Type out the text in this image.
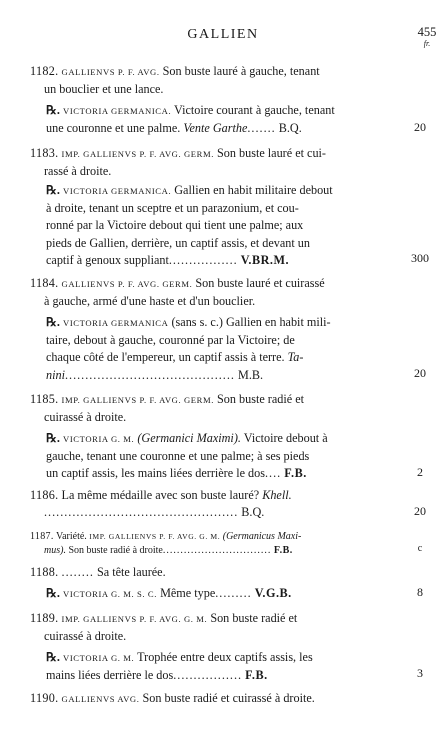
GALLIEN	455
fr.
1182. GALLIENVS P. F. AVG. Son buste lauré à gauche, tenant
un bouclier et une lance.
℞. VICTORIA GERMANICA. Victoire courant à gauche, tenant
une couronne et une palme. Vente Garthe....... B.Q.	20
1183. IMP. GALLIENVS P. F. AVG. GERM. Son buste lauré et cui-
rassé à droite.
℞. VICTORIA GERMANICA. Gallien en habit militaire debout
à droite, tenant un sceptre et un parazonium, et cou-
ronné par la Victoire debout qui tient une palme; aux
pieds de Gallien, derrière, un captif assis, et devant un
captif à genoux suppliant................. V.BR.M.	300
1184. GALLIENVS P. F. AVG. GERM. Son buste lauré et cuirassé
à gauche, armé d'une haste et d'un bouclier.
℞. VICTORIA GERMANICA (sans s. c.) Gallien en habit mili-
taire, debout à gauche, couronné par la Victoire; de
chaque côté de l'empereur, un captif assis à terre. Ta-
nini.......................................... M.B.	20
1185. IMP. GALLIENVS P. F. AVG. GERM. Son buste radié et
cuirassé à droite.
℞. VICTORIA G. M. (Germanici Maximi). Victoire debout à
gauche, tenant une couronne et une palme; à ses pieds
un captif assis, les mains liées derrière le dos.... F.B.	2
1186. La même médaille avec son buste lauré? Khell.
................................................ B.Q.	20
1187. Variété. IMP. GALLIENVS P. F. AVG. G. M. (Germanicus Maxi-
mus). Son buste radié à droite............................... F.B.	c
1188. ........ Sa tête laurée.
℞. VICTORIA G. M. S. C. Même type......... V.G.B.	8
1189. IMP. GALLIENVS P. F. AVG. G. M. Son buste radié et
cuirassé à droite.
℞. VICTORIA G. M. Trophée entre deux captifs assis, les
mains liées derrière le dos................. F.B.	3
1190. GALLIENVS AVG. Son buste radié et cuirassé à droite.
